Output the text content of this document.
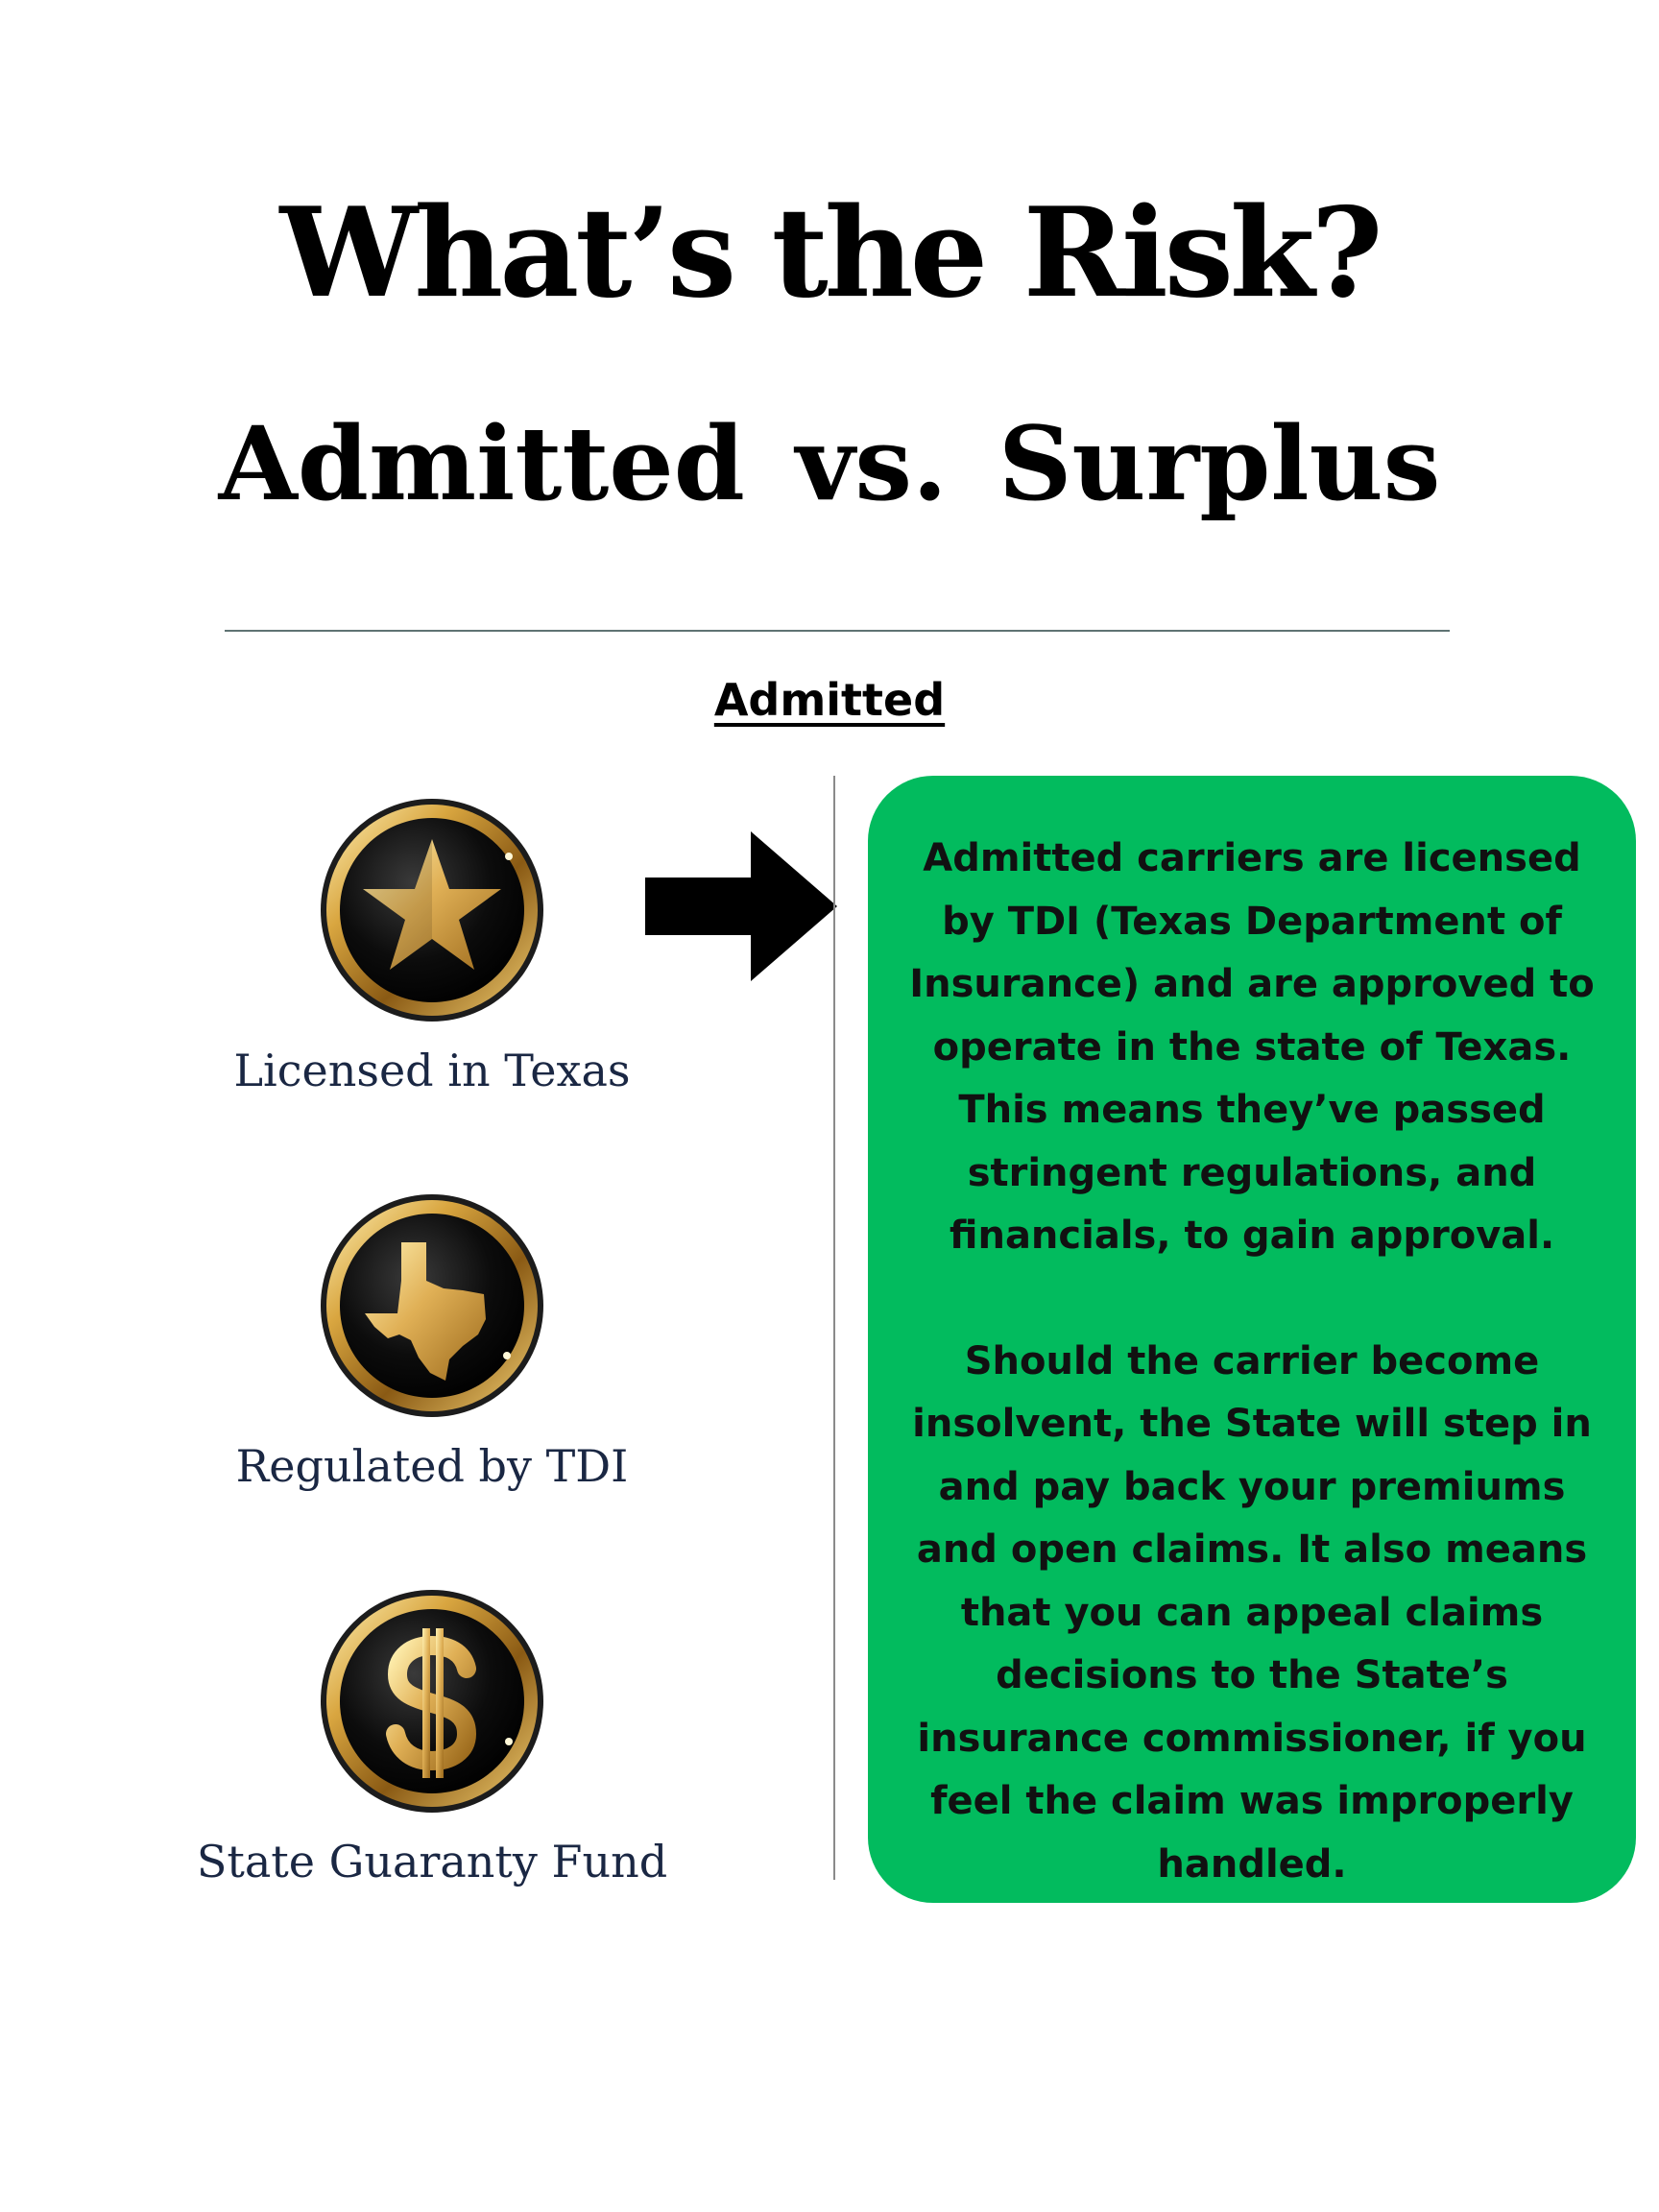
What’s the Risk?
Admitted vs. Surplus
Admitted
Licensed in Texas
Regulated by TDI
State Guaranty Fund

Admitted carriers are licensed by TDI (Texas Department of Insurance) and are approved to operate in the state of Texas. This means they’ve passed stringent regulations, and financials, to gain approval.

Should the carrier become insolvent, the State will step in and pay back your premiums and open claims. It also means that you can appeal claims decisions to the State’s insurance commissioner, if you feel the claim was improperly handled.
